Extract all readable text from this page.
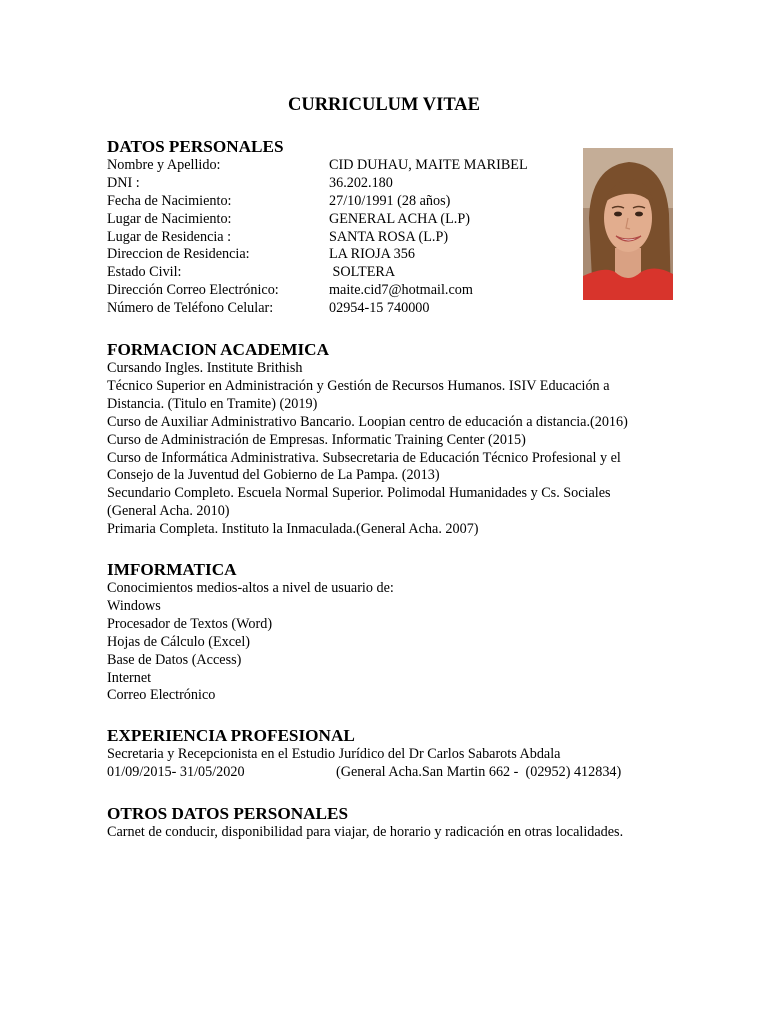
CURRICULUM VITAE
DATOS PERSONALES
Nombre y Apellido:	CID DUHAU, MAITE MARIBEL
DNI :	36.202.180
Fecha de Nacimiento:	27/10/1991 (28 años)
Lugar de Nacimiento:	GENERAL ACHA (L.P)
Lugar de Residencia :	SANTA ROSA (L.P)
Direccion de Residencia:	LA RIOJA 356
Estado Civil:	SOLTERA
Dirección Correo Electrónico:	maite.cid7@hotmail.com
Número de Teléfono Celular:	02954-15 740000
FORMACION ACADEMICA
Cursando Ingles. Institute Brithish
Técnico Superior en Administración y Gestión de Recursos Humanos. ISIV Educación a Distancia. (Titulo en Tramite) (2019)
Curso de Auxiliar Administrativo Bancario. Loopian centro de educación a distancia.(2016)
Curso de Administración de Empresas. Informatic Training Center (2015)
Curso de Informática Administrativa. Subsecretaria de Educación Técnico Profesional y el Consejo de la Juventud del Gobierno de La Pampa. (2013)
Secundario Completo. Escuela Normal Superior. Polimodal Humanidades y Cs. Sociales (General Acha. 2010)
Primaria Completa. Instituto la Inmaculada.(General Acha. 2007)
IMFORMATICA
Conocimientos medios-altos a nivel de usuario de:
Windows
Procesador de Textos (Word)
Hojas de Cálculo (Excel)
Base de Datos (Access)
Internet
Correo Electrónico
EXPERIENCIA PROFESIONAL
Secretaria y Recepcionista en el Estudio Jurídico del Dr Carlos Sabarots Abdala
01/09/2015- 31/05/2020	(General Acha.San Martin 662 -  (02952) 412834)
OTROS DATOS PERSONALES
Carnet de conducir, disponibilidad para viajar, de horario y radicación en otras localidades.
